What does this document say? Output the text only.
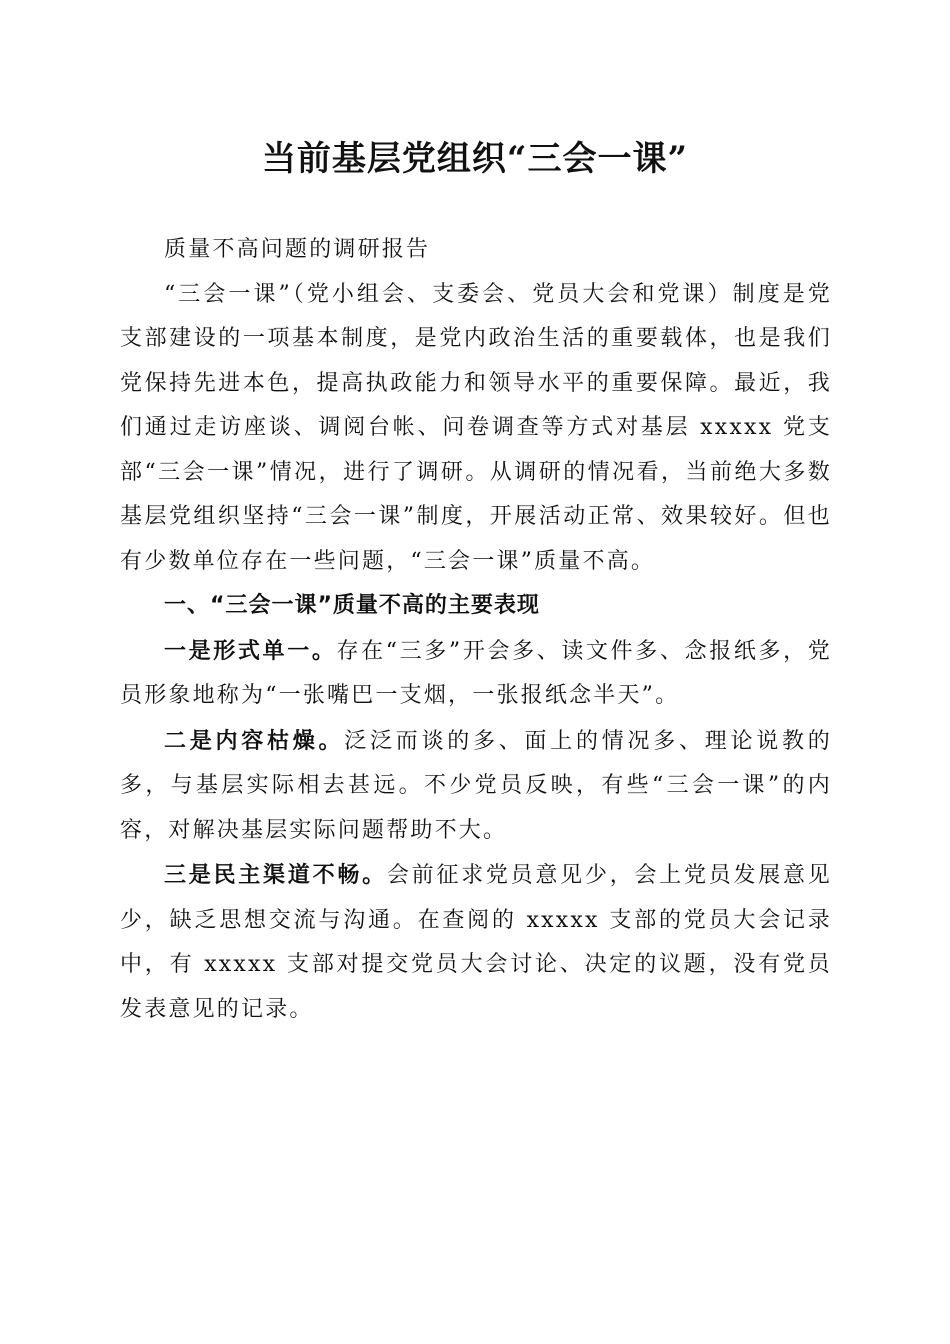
当前基层党组织“三会一课”

质量不高问题的调研报告

“三会一课”（党小组会、支委会、党员大会和党课）制度是党支部建设的一项基本制度，是党内政治生活的重要载体，也是我们党保持先进本色，提高执政能力和领导水平的重要保障。最近，我们通过走访座谈、调阅台帐、问卷调查等方式对基层 xxxxx 党支部“三会一课”情况，进行了调研。从调研的情况看，当前绝大多数基层党组织坚持“三会一课”制度，开展活动正常、效果较好。但也有少数单位存在一些问题，“三会一课”质量不高。

一、“三会一课”质量不高的主要表现

一是形式单一。存在“三多”开会多、读文件多、念报纸多，党员形象地称为“一张嘴巴一支烟，一张报纸念半天”。

二是内容枯燥。泛泛而谈的多、面上的情况多、理论说教的多，与基层实际相去甚远。不少党员反映，有些“三会一课”的内容，对解决基层实际问题帮助不大。

三是民主渠道不畅。会前征求党员意见少，会上党员发展意见少，缺乏思想交流与沟通。在查阅的 xxxxx 支部的党员大会记录中，有 xxxxx 支部对提交党员大会讨论、决定的议题，没有党员发表意见的记录。
